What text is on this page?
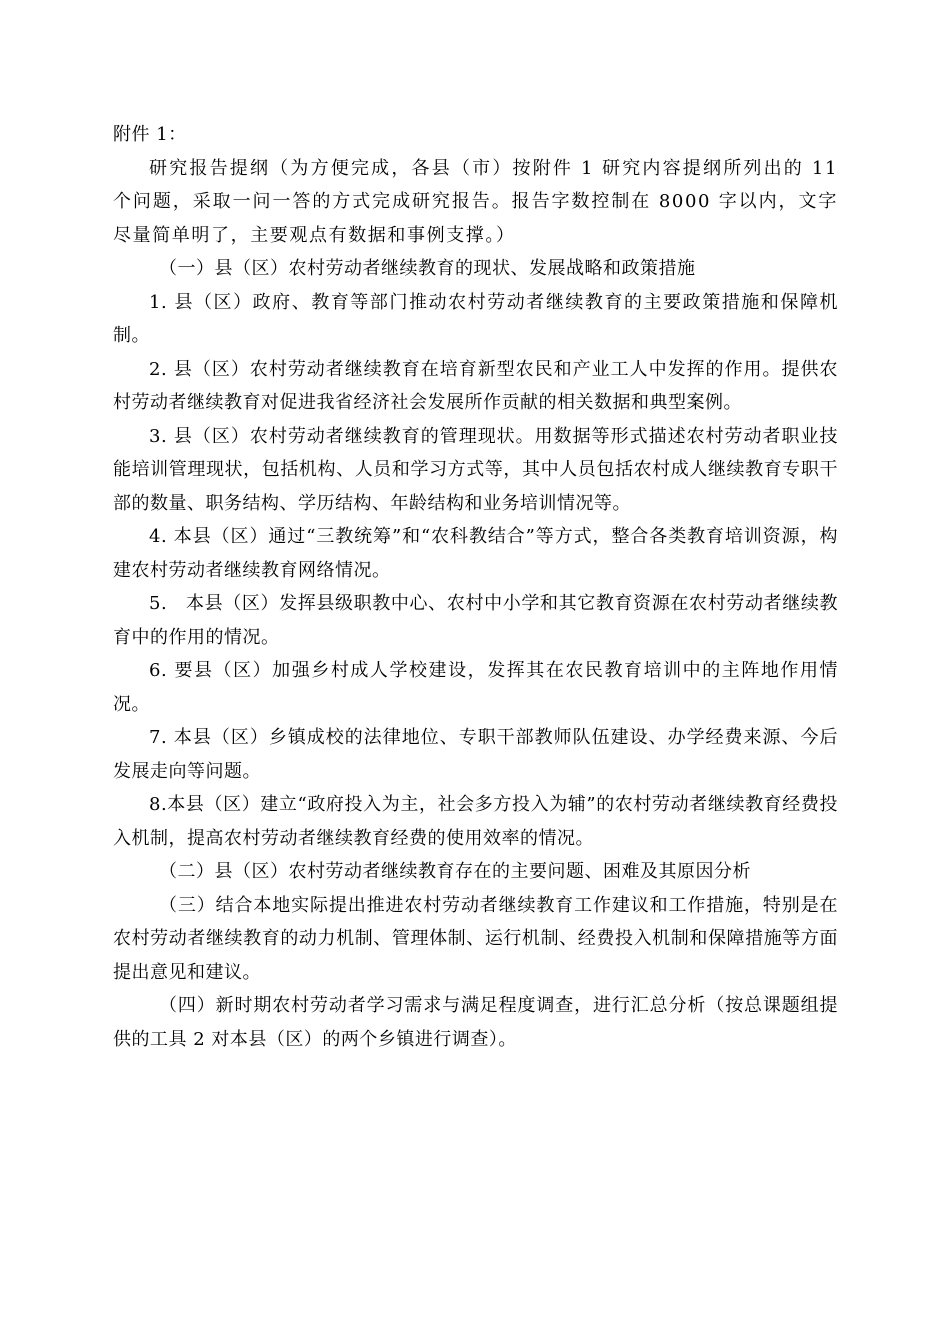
附件 1：

研究报告提纲（为方便完成，各县（市）按附件 1 研究内容提纲所列出的 11 个问题，采取一问一答的方式完成研究报告。报告字数控制在 8000 字以内，文字尽量简单明了，主要观点有数据和事例支撑。）

（一）县（区）农村劳动者继续教育的现状、发展战略和政策措施

1. 县（区）政府、教育等部门推动农村劳动者继续教育的主要政策措施和保障机制。

2. 县（区）农村劳动者继续教育在培育新型农民和产业工人中发挥的作用。提供农村劳动者继续教育对促进我省经济社会发展所作贡献的相关数据和典型案例。

3. 县（区）农村劳动者继续教育的管理现状。用数据等形式描述农村劳动者职业技能培训管理现状，包括机构、人员和学习方式等，其中人员包括农村成人继续教育专职干部的数量、职务结构、学历结构、年龄结构和业务培训情况等。

4. 本县（区）通过“三教统筹”和“农科教结合”等方式，整合各类教育培训资源，构建农村劳动者继续教育网络情况。

5.　本县（区）发挥县级职教中心、农村中小学和其它教育资源在农村劳动者继续教育中的作用的情况。

6. 要县（区）加强乡村成人学校建设，发挥其在农民教育培训中的主阵地作用情况。

7. 本县（区）乡镇成校的法律地位、专职干部教师队伍建设、办学经费来源、今后发展走向等问题。

8.本县（区）建立“政府投入为主，社会多方投入为辅”的农村劳动者继续教育经费投入机制，提高农村劳动者继续教育经费的使用效率的情况。

（二）县（区）农村劳动者继续教育存在的主要问题、困难及其原因分析

（三）结合本地实际提出推进农村劳动者继续教育工作建议和工作措施，特别是在农村劳动者继续教育的动力机制、管理体制、运行机制、经费投入机制和保障措施等方面提出意见和建议。

（四）新时期农村劳动者学习需求与满足程度调查，进行汇总分析（按总课题组提供的工具 2 对本县（区）的两个乡镇进行调查）。
